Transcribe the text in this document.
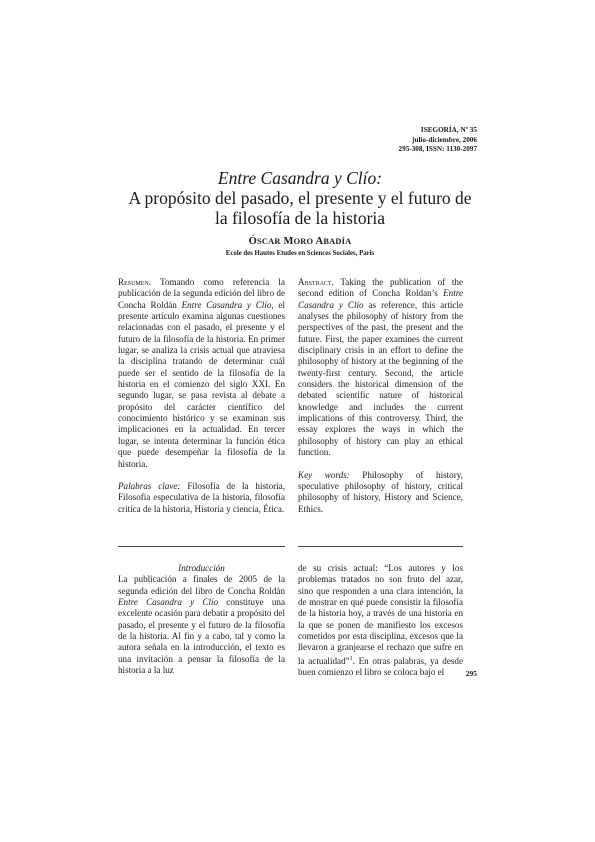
ISEGORÍA, Nº 35
julio-diciembre, 2006
295-308, ISSN: 1130-2097
Entre Casandra y Clío:
A propósito del pasado, el presente y el futuro de
la filosofía de la historia
ÓSCAR MORO ABADÍA
Ecole des Hautes Etudes en Sciences Sociales, Paris

Resumen. Tomando como referencia la publicación de la segunda edición del libro de Concha Roldán Entre Casandra y Clío, el presente artículo examina algunas cuestiones relacionadas con el pasado, el presente y el futuro de la filosofía de la historia. En primer lugar, se analiza la crisis actual que atraviesa la disciplina tratando de determinar cuál puede ser el sentido de la filosofía de la historia en el comienzo del siglo XXI. En segundo lugar, se pasa revista al debate a propósito del carácter científico del conocimiento histórico y se examinan sus implicaciones en la actualidad. En tercer lugar, se intenta determinar la función ética que puede desempeñar la filosofía de la historia.

Palabras clave: Filosofía de la historia, Filosofía especulativa de la historia, filosofía crítica de la historia, Historia y ciencia, Ética.

Abstract. Taking the publication of the second edition of Concha Roldan’s Entre Casandra y Clío as reference, this article analyses the philosophy of history from the perspectives of the past, the present and the future. First, the paper examines the current disciplinary crisis in an effort to define the philosophy of history at the beginning of the twenty-first century. Second, the article considers the historical dimension of the debated scientific nature of historical knowledge and includes the current implications of this controversy. Third, the essay explores the ways in which the philosophy of history can play an ethical function.

Key words: Philosophy of history, speculative philosophy of history, critical philosophy of history, History and Science, Ethics.

Introducción

La publicación a finales de 2005 de la segunda edición del libro de Concha Roldán Entre Casandra y Clío constituye una excelente ocasión para debatir a propósito del pasado, el presente y el futuro de la filosofía de la historia. Al fin y a cabo, tal y como la autora señala en la introducción, el texto es una invitación a pensar la filosofía de la historia a la luz

de su crisis actual: “Los autores y los problemas tratados no son fruto del azar, sino que responden a una clara intención, la de mostrar en qué puede consistir la filosofía de la historia hoy, a través de una historia en la que se ponen de manifiesto los excesos cometidos por esta disciplina, excesos que la llevaron a granjearse el rechazo que sufre en la actualidad”$^1$. En otras palabras, ya desde buen comienzo el libro se coloca bajo el	295
